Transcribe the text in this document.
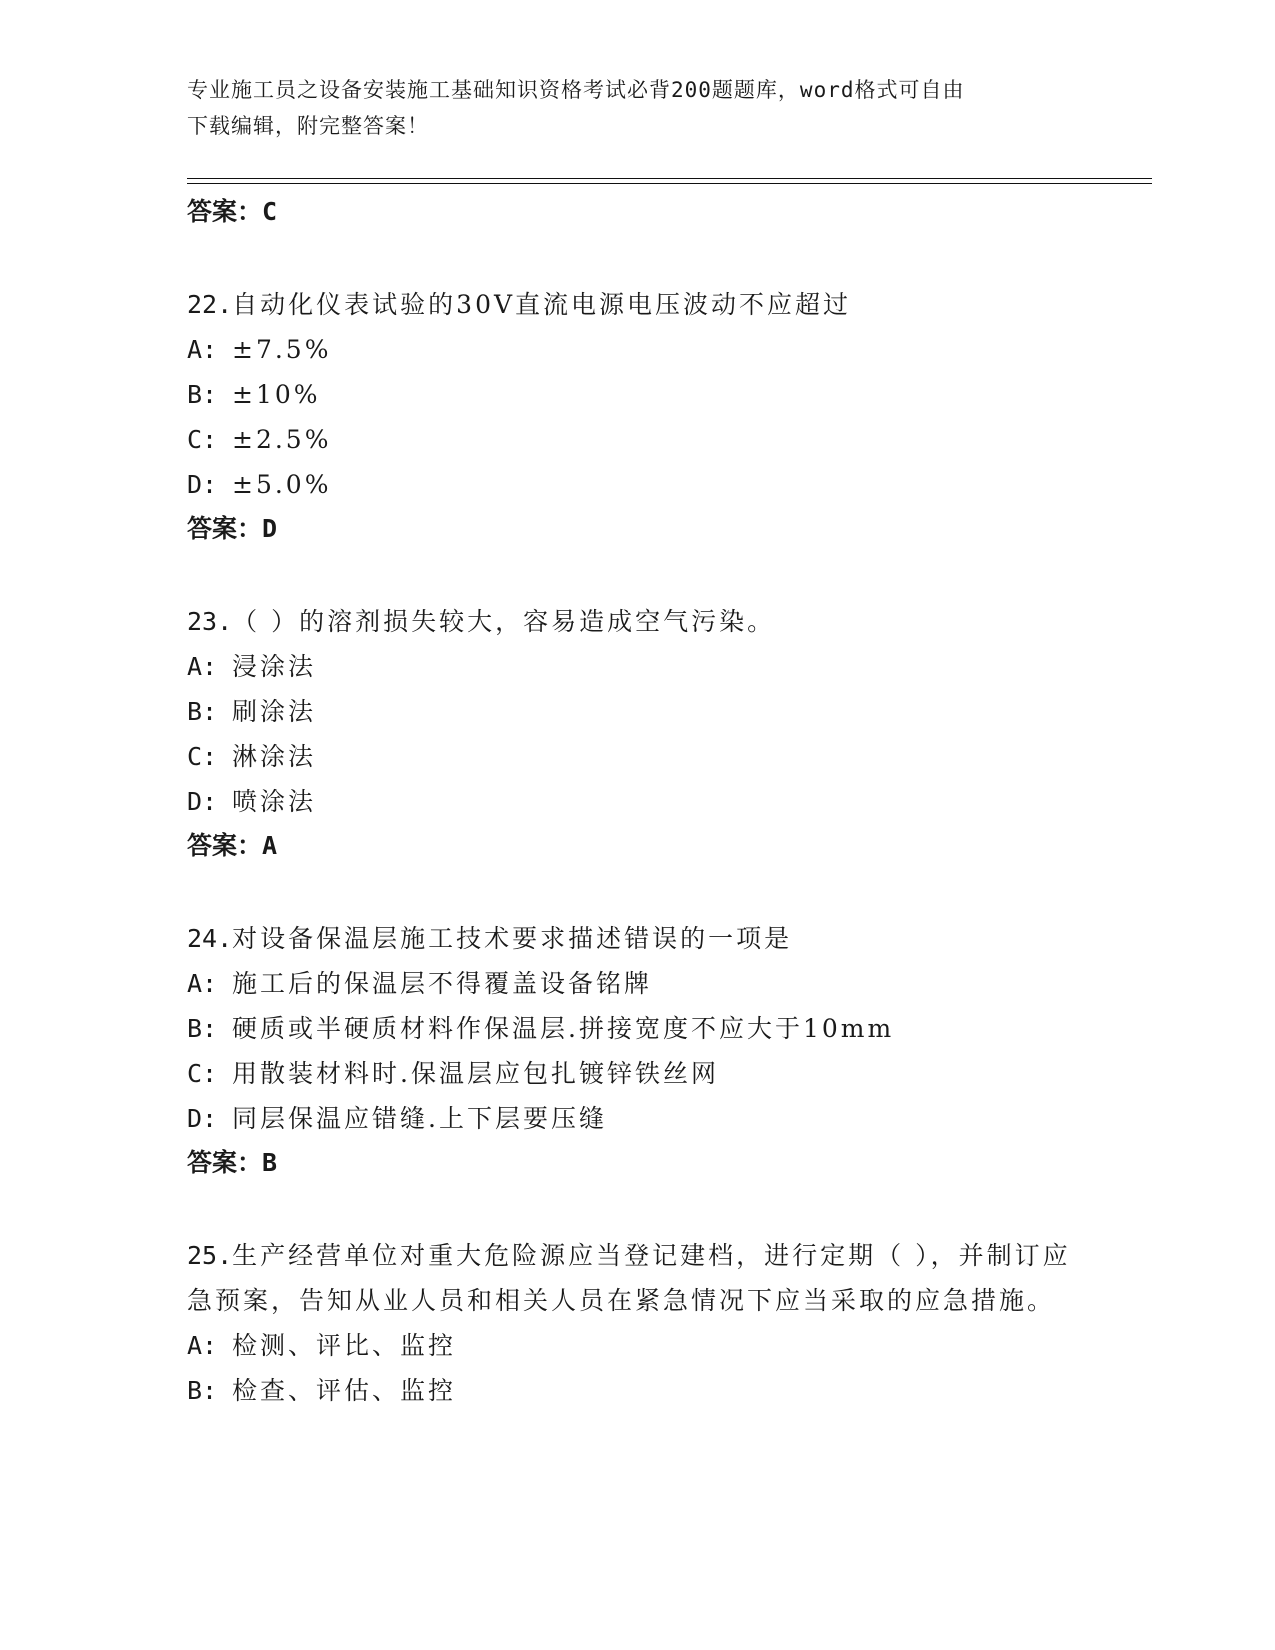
专业施工员之设备安装施工基础知识资格考试必背200题题库，word格式可自由
下载编辑，附完整答案！
答案：C

22.自动化仪表试验的30V直流电源电压波动不应超过

A: ±7.5%

B: ±10%

C: ±2.5%

D: ±5.0%

答案：D

23.（ ）的溶剂损失较大，容易造成空气污染。

A: 浸涂法

B: 刷涂法

C: 淋涂法

D: 喷涂法

答案：A

24.对设备保温层施工技术要求描述错误的一项是

A: 施工后的保温层不得覆盖设备铭牌

B: 硬质或半硬质材料作保温层.拼接宽度不应大于10mm

C: 用散装材料时.保温层应包扎镀锌铁丝网

D: 同层保温应错缝.上下层要压缝

答案：B

25.生产经营单位对重大危险源应当登记建档，进行定期（ ），并制订应急预案，告知从业人员和相关人员在紧急情况下应当采取的应急措施。

A: 检测、评比、监控

B: 检查、评估、监控
